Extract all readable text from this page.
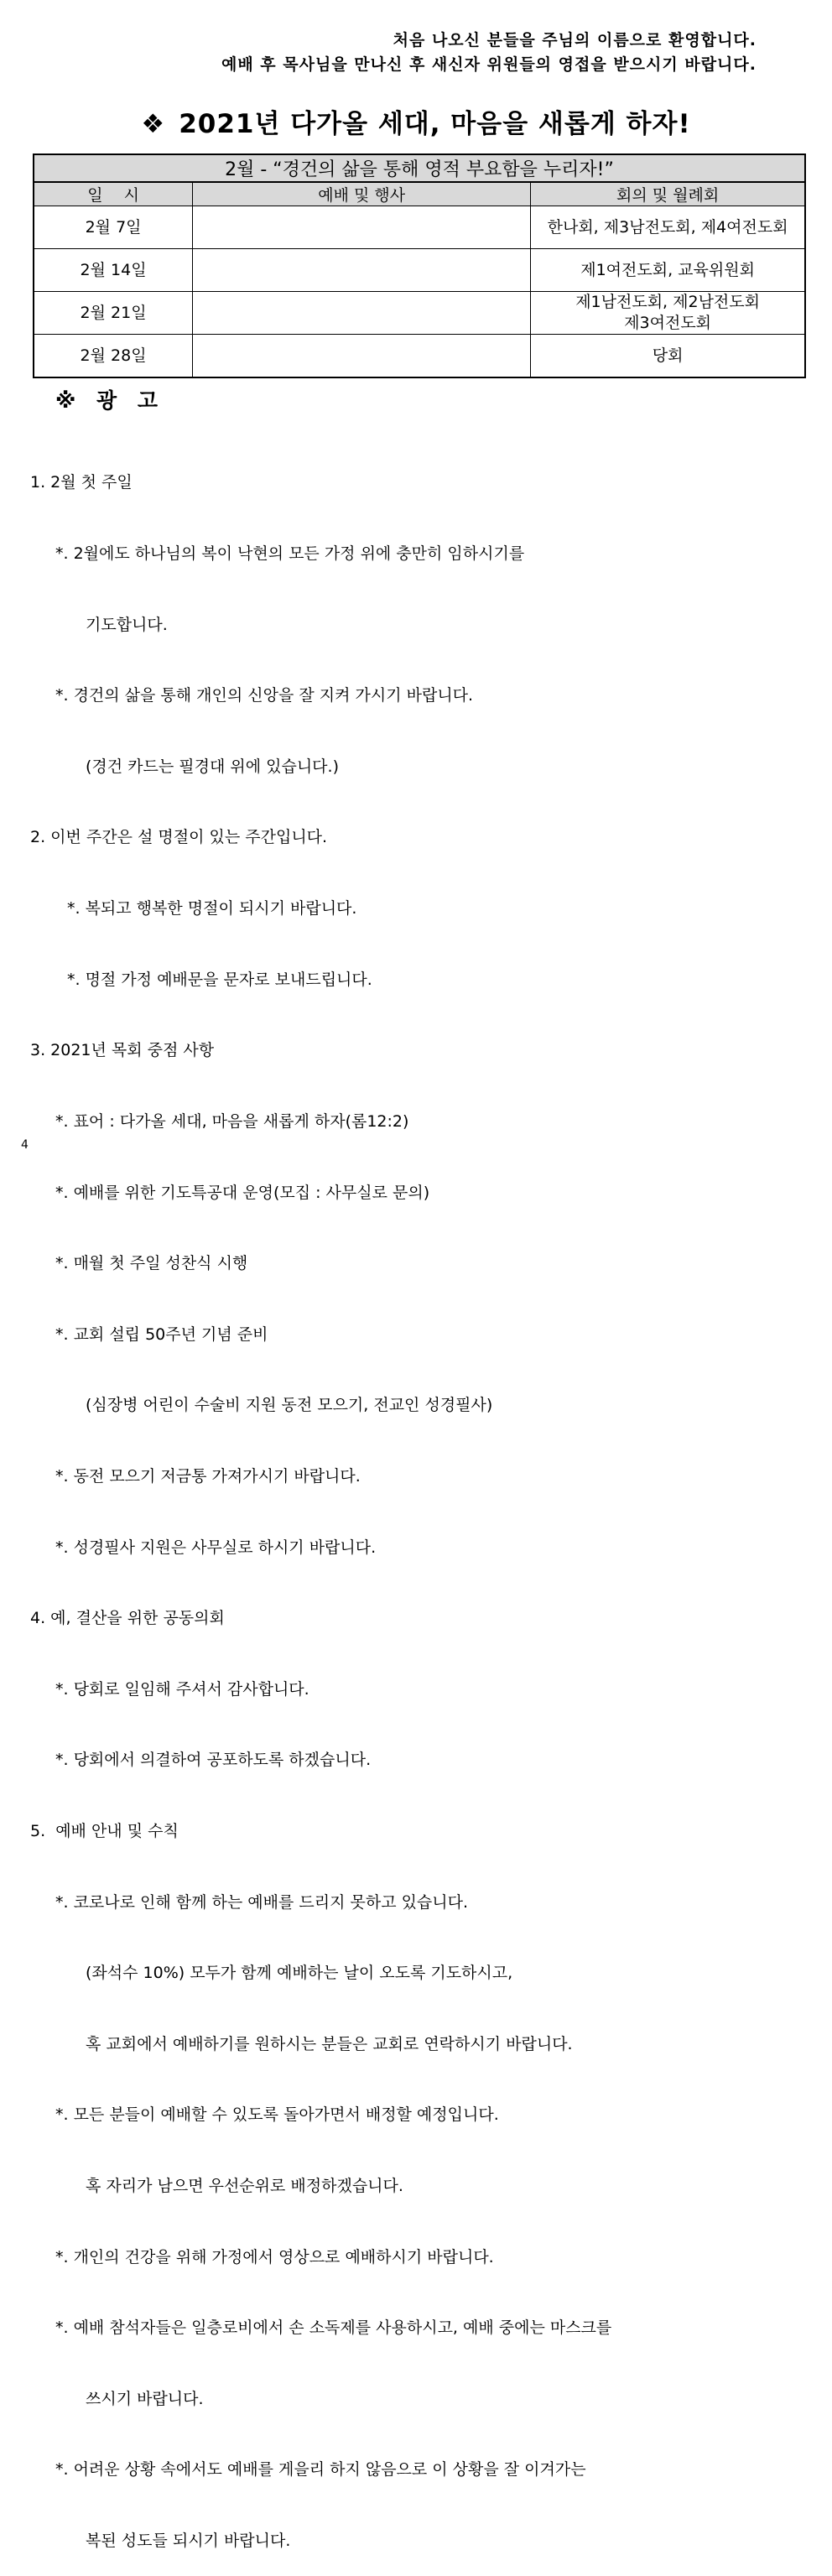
처음 나오신 분들을 주님의 이름으로 환영합니다.
예배 후 목사님을 만나신 후 새신자 위원들의 영접을 받으시기 바랍니다.
❖ 2021년 다가올 세대, 마음을 새롭게 하자!
2월 - “경건의 삶을 통해 영적 부요함을 누리자!”		
일　 시	예배 및 행사	회의 및 월례회
2월 7일		한나회, 제3남전도회, 제4여전도회
2월 14일		제1여전도회, 교육위원회
2월 21일		제1남전도회, 제2남전도회
제3여전도회

2월 28일		당회
※ 광 고

1. 2월 첫 주일

*. 2월에도 하나님의 복이 낙현의 모든 가정 위에 충만히 임하시기를

기도합니다.

*. 경건의 삶을 통해 개인의 신앙을 잘 지켜 가시기 바랍니다.

(경건 카드는 필경대 위에 있습니다.)

2. 이번 주간은 설 명절이 있는 주간입니다.

*. 복되고 행복한 명절이 되시기 바랍니다.

*. 명절 가정 예배문을 문자로 보내드립니다.

3. 2021년 목회 중점 사항

*. 표어 : 다가올 세대, 마음을 새롭게 하자(롬12:2)

*. 예배를 위한 기도특공대 운영(모집 : 사무실로 문의)

*. 매월 첫 주일 성찬식 시행

*. 교회 설립 50주년 기념 준비

(심장병 어린이 수술비 지원 동전 모으기, 전교인 성경필사)

*. 동전 모으기 저금통 가져가시기 바랍니다.

*. 성경필사 지원은 사무실로 하시기 바랍니다.

4. 예, 결산을 위한 공동의회

*. 당회로 일임해 주셔서 감사합니다.

*. 당회에서 의결하여 공포하도록 하겠습니다.

5.  예배 안내 및 수칙

*. 코로나로 인해 함께 하는 예배를 드리지 못하고 있습니다.

(좌석수 10%) 모두가 함께 예배하는 날이 오도록 기도하시고,

혹 교회에서 예배하기를 원하시는 분들은 교회로 연락하시기 바랍니다.

*. 모든 분들이 예배할 수 있도록 돌아가면서 배정할 예정입니다.

혹 자리가 남으면 우선순위로 배정하겠습니다.

*. 개인의 건강을 위해 가정에서 영상으로 예배하시기 바랍니다.

*. 예배 참석자들은 일층로비에서 손 소독제를 사용하시고, 예배 중에는 마스크를

쓰시기 바랍니다.

*. 어려운 상황 속에서도 예배를 게을리 하지 않음으로 이 상황을 잘 이겨가는

복된 성도들 되시기 바랍니다.

4
